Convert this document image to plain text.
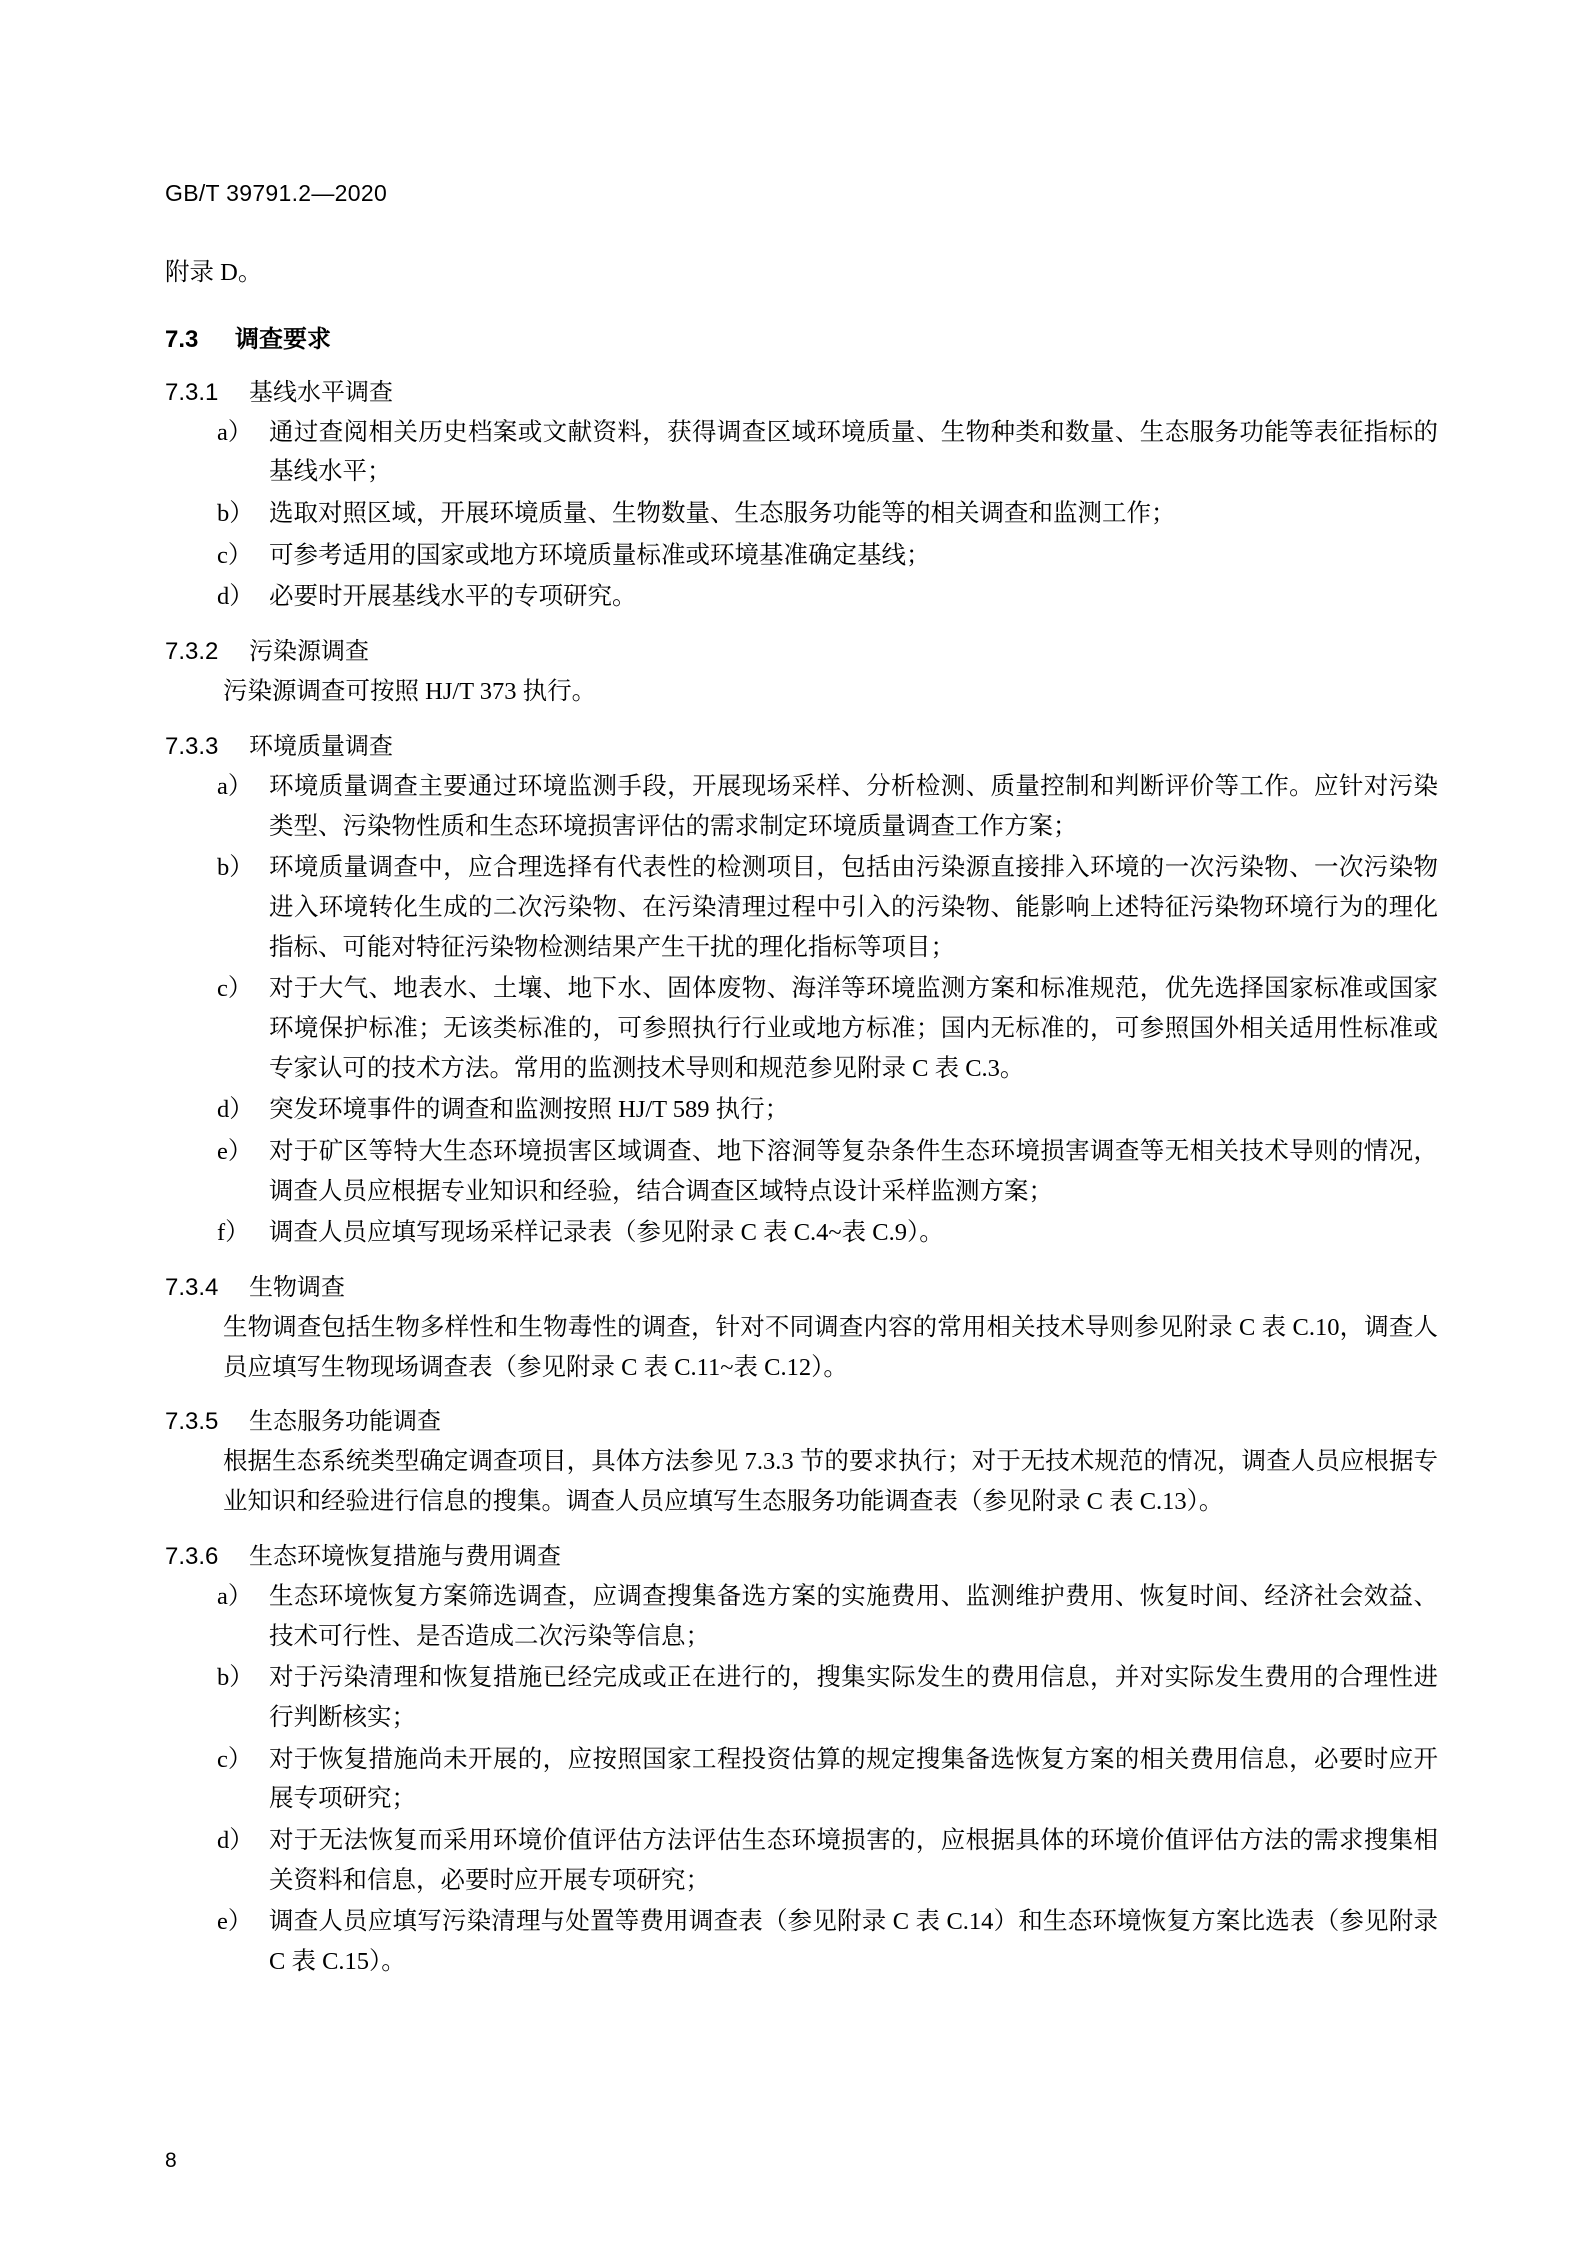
GB/T 39791.2—2020
附录 D。
7.3 调查要求
7.3.1 基线水平调查
a） 通过查阅相关历史档案或文献资料，获得调查区域环境质量、生物种类和数量、生态服务功能等表征指标的基线水平；
b） 选取对照区域，开展环境质量、生物数量、生态服务功能等的相关调查和监测工作；
c） 可参考适用的国家或地方环境质量标准或环境基准确定基线；
d） 必要时开展基线水平的专项研究。
7.3.2 污染源调查
污染源调查可按照 HJ/T 373 执行。
7.3.3 环境质量调查
a） 环境质量调查主要通过环境监测手段，开展现场采样、分析检测、质量控制和判断评价等工作。应针对污染类型、污染物性质和生态环境损害评估的需求制定环境质量调查工作方案；
b） 环境质量调查中，应合理选择有代表性的检测项目，包括由污染源直接排入环境的一次污染物、一次污染物进入环境转化生成的二次污染物、在污染清理过程中引入的污染物、能影响上述特征污染物环境行为的理化指标、可能对特征污染物检测结果产生干扰的理化指标等项目；
c） 对于大气、地表水、土壤、地下水、固体废物、海洋等环境监测方案和标准规范，优先选择国家标准或国家环境保护标准；无该类标准的，可参照执行行业或地方标准；国内无标准的，可参照国外相关适用性标准或专家认可的技术方法。常用的监测技术导则和规范参见附录 C 表 C.3。
d） 突发环境事件的调查和监测按照 HJ/T 589 执行；
e） 对于矿区等特大生态环境损害区域调查、地下溶洞等复杂条件生态环境损害调查等无相关技术导则的情况，调查人员应根据专业知识和经验，结合调查区域特点设计采样监测方案；
f） 调查人员应填写现场采样记录表（参见附录 C 表 C.4~表 C.9）。
7.3.4 生物调查
生物调查包括生物多样性和生物毒性的调查，针对不同调查内容的常用相关技术导则参见附录 C 表 C.10，调查人员应填写生物现场调查表（参见附录 C 表 C.11~表 C.12）。
7.3.5 生态服务功能调查
根据生态系统类型确定调查项目，具体方法参见 7.3.3 节的要求执行；对于无技术规范的情况，调查人员应根据专业知识和经验进行信息的搜集。调查人员应填写生态服务功能调查表（参见附录 C 表 C.13）。
7.3.6 生态环境恢复措施与费用调查
a） 生态环境恢复方案筛选调查，应调查搜集备选方案的实施费用、监测维护费用、恢复时间、经济社会效益、技术可行性、是否造成二次污染等信息；
b） 对于污染清理和恢复措施已经完成或正在进行的，搜集实际发生的费用信息，并对实际发生费用的合理性进行判断核实；
c） 对于恢复措施尚未开展的，应按照国家工程投资估算的规定搜集备选恢复方案的相关费用信息，必要时应开展专项研究；
d） 对于无法恢复而采用环境价值评估方法评估生态环境损害的，应根据具体的环境价值评估方法的需求搜集相关资料和信息，必要时应开展专项研究；
e） 调查人员应填写污染清理与处置等费用调查表（参见附录 C 表 C.14）和生态环境恢复方案比选表（参见附录 C 表 C.15）。
8
